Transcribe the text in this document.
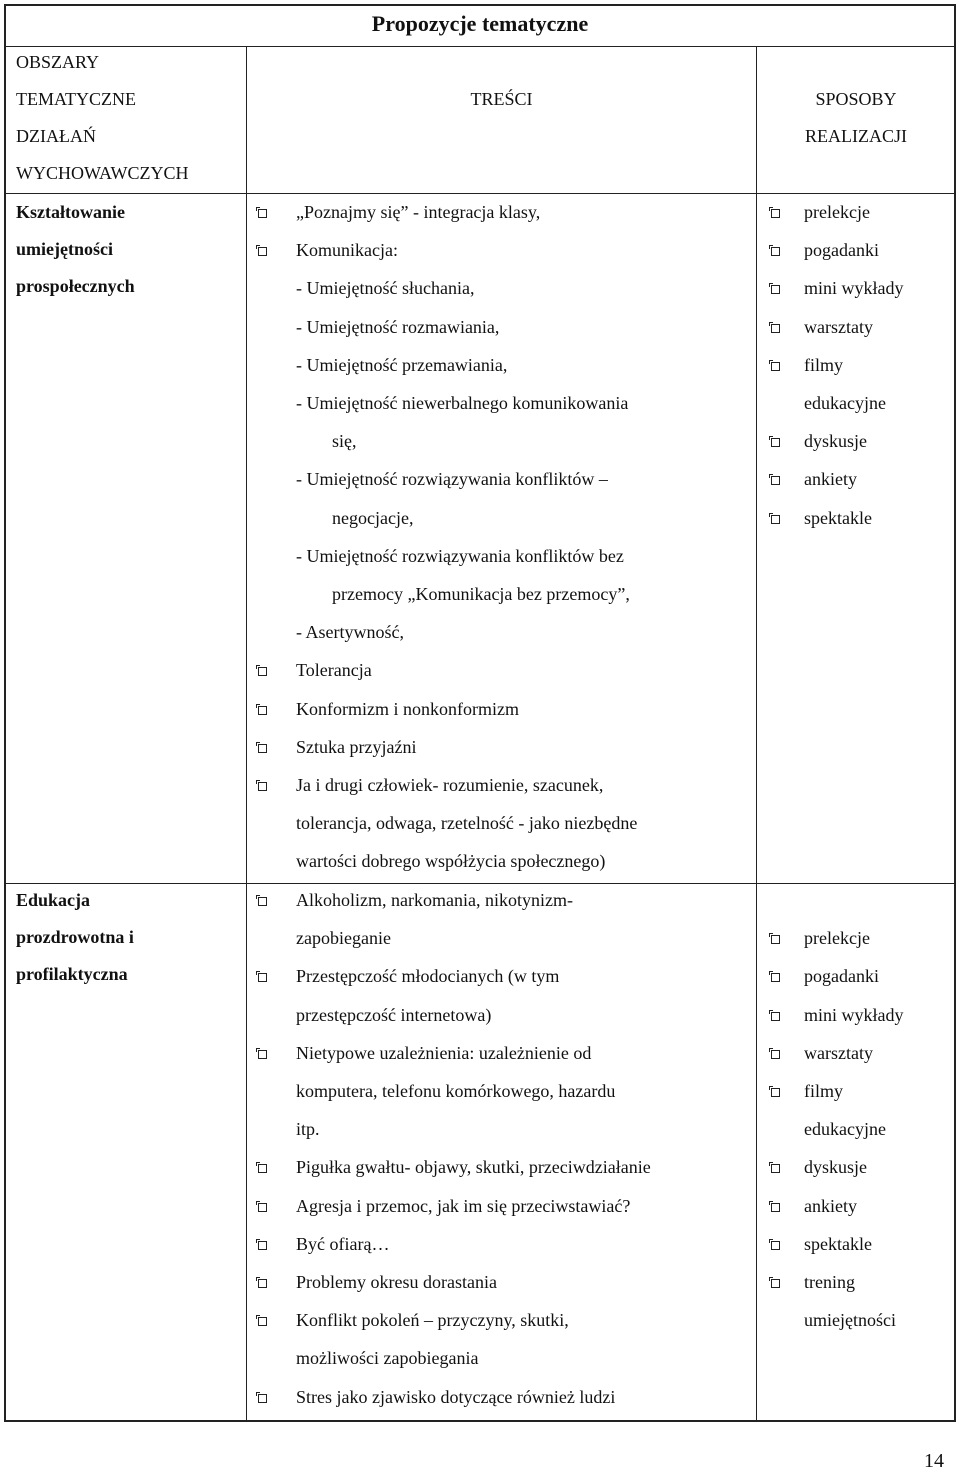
Propozycje tematyczne
OBSZARY
TEMATYCZNE
DZIAŁAŃ
WYCHOWAWCZYCH
TREŚCI	SPOSOBY
REALIZACJI
Kształtowanie
umiejętności
prospołecznych
„Poznajmy się” - integracja klasy,
Komunikacja:
- Umiejętność słuchania,
- Umiejętność rozmawiania,
- Umiejętność przemawiania,
- Umiejętność niewerbalnego komunikowania
się,
- Umiejętność rozwiązywania konfliktów –
negocjacje,
- Umiejętność rozwiązywania konfliktów bez
przemocy „Komunikacja bez przemocy”,
- Asertywność,
Tolerancja
Konformizm i nonkonformizm
Sztuka przyjaźni
Ja i drugi człowiek- rozumienie, szacunek,
tolerancja, odwaga, rzetelność - jako niezbędne
wartości dobrego współżycia społecznego)
prelekcje
pogadanki
mini wykłady
warsztaty
filmy
edukacyjne
dyskusje
ankiety
spektakle
Edukacja
prozdrowotna i
profilaktyczna
Alkoholizm, narkomania, nikotynizm-
zapobieganie
Przestępczość młodocianych (w tym
przestępczość internetowa)
Nietypowe uzależnienia: uzależnienie od
komputera, telefonu komórkowego, hazardu
itp.
Pigułka gwałtu- objawy, skutki, przeciwdziałanie
Agresja i przemoc, jak im się przeciwstawiać?
Być ofiarą…
Problemy okresu dorastania
Konflikt pokoleń – przyczyny, skutki,
możliwości zapobiegania
Stres jako zjawisko dotyczące również ludzi
prelekcje
pogadanki
mini wykłady
warsztaty
filmy
edukacyjne
dyskusje
ankiety
spektakle
trening
umiejętności
14
